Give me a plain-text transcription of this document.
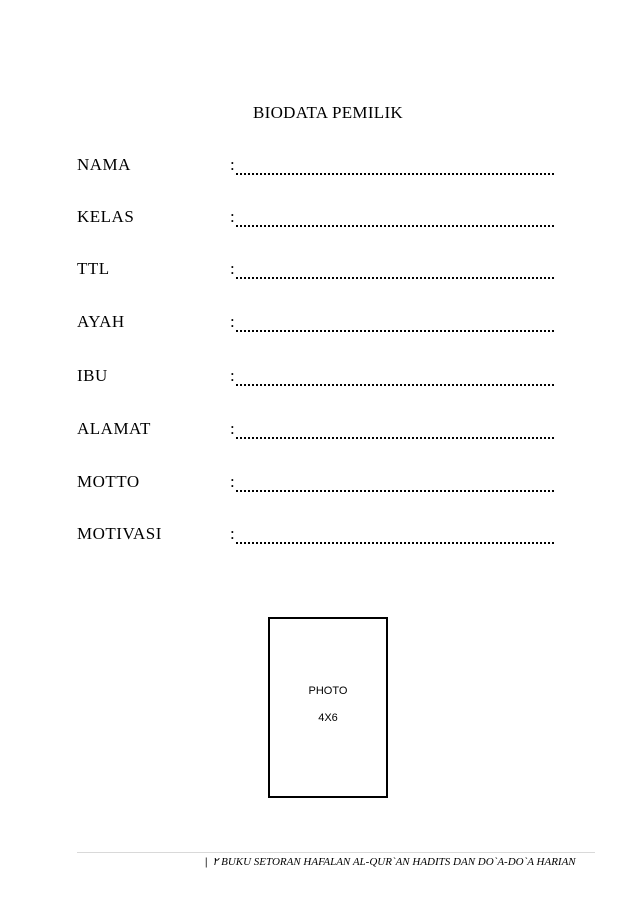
BIODATA PEMILIK
NAMA	:
KELAS	:
TTL	:
AYAH	:
IBU	:
ALAMAT	:
MOTTO	:
MOTIVASI	:
PHOTO
4X6
| ٢ BUKU SETORAN HAFALAN AL-QUR`AN HADITS DAN DO`A-DO`A HARIAN
